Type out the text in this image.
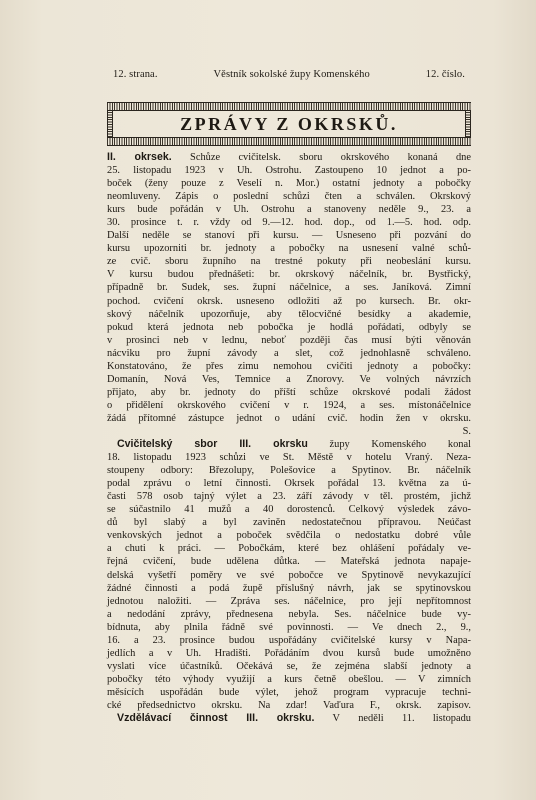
12. strana.	Věstník sokolské župy Komenského	12. číslo.
ZPRÁVY Z OKRSKŮ.
II. okrsek. Schůze cvičitelsk. sboru okrskového konaná dne
25. listopadu 1923 v Uh. Ostrohu. Zastoupeno 10 jednot a po-
boček (ženy pouze z Veselí n. Mor.) ostatní jednoty a pobočky
neomluveny. Zápis o poslední schůzi čten a schválen. Okrskový
kurs bude pořádán v Uh. Ostrohu a stanoveny neděle 9., 23. a
30. prosince t. r. vždy od 9.—12. hod. dop., od 1.—5. hod. odp.
Další neděle se stanoví při kursu. — Usneseno při pozvání do
kursu upozorniti br. jednoty a pobočky na usnesení valné schů-
ze cvič. sboru župního na trestné pokuty při neobeslání kursu.
V kursu budou přednášeti: br. okrskový náčelník, br. Bystřický,
případně br. Sudek, ses. župní náčelnice, a ses. Janíková. Zimní
pochod. cvičení okrsk. usneseno odložiti až po kursech. Br. okr-
skový náčelník upozorňuje, aby tělocvičné besídky a akademie,
pokud která jednota neb pobočka je hodlá pořádati, odbyly se
v prosinci neb v lednu, neboť později čas musí býti věnován
nácviku pro župní závody a slet, což jednohlasně schváleno.
Konstatováno, že přes zimu nemohou cvičiti jednoty a pobočky:
Domanín, Nová Ves, Temnice a Znorovy. Ve volných návrzích
přijato, aby br. jednoty do příští schůze okrskové podali žádost
o přidělení okrskového cvičení v r. 1924, a ses. místonáčelnice
žádá přítomné zástupce jednot o udání cvič. hodin žen v okrsku.
S.
Cvičitelský sbor III. okrsku župy Komenského konal
18. listopadu 1923 schůzi ve St. Městě v hotelu Vraný. Neza-
stoupeny odbory: Březolupy, Polešovice a Spytinov. Br. náčelník
podal zprávu o letní činnosti. Okrsek pořádal 13. května za ú-
časti 578 osob tajný výlet a 23. září závody v těl. prostém, jichž
se súčastnilo 41 mužů a 40 dorostenců. Celkový výsledek závo-
dů byl slabý a byl zaviněn nedostatečnou přípravou. Neúčast
venkovských jednot a poboček svědčila o nedostatku dobré vůle
a chuti k práci. — Pobočkám, které bez ohlášení pořádaly ve-
řejná cvičení, bude udělena důtka. — Mateřská jednota napaje-
delská vyšetří poměry ve své pobočce ve Spytinově nevykazující
žádné činnosti a podá župě příslušný návrh, jak se spytinovskou
jednotou naložiti. — Zpráva ses. náčelnice, pro její nepřítomnost
a nedodání zprávy, přednesena nebyla. Ses. náčelnice bude vy-
bídnuta, aby plnila řádně své povinnosti. — Ve dnech 2., 9.,
16. a 23. prosince budou uspořádány cvičitelské kursy v Napa-
jedlích a v Uh. Hradišti. Pořádáním dvou kursů bude umožněno
vyslati více účastníků. Očekává se, že zejména slabší jednoty a
pobočky této výhody využijí a kurs četně obešlou. — V zimních
měsících uspořádán bude výlet, jehož program vypracuje techni-
cké předsednictvo okrsku. Na zdar! Vaďura F., okrsk. zapisov.
Vzdělávací činnost III. okrsku. V neděli 11. listopadu
